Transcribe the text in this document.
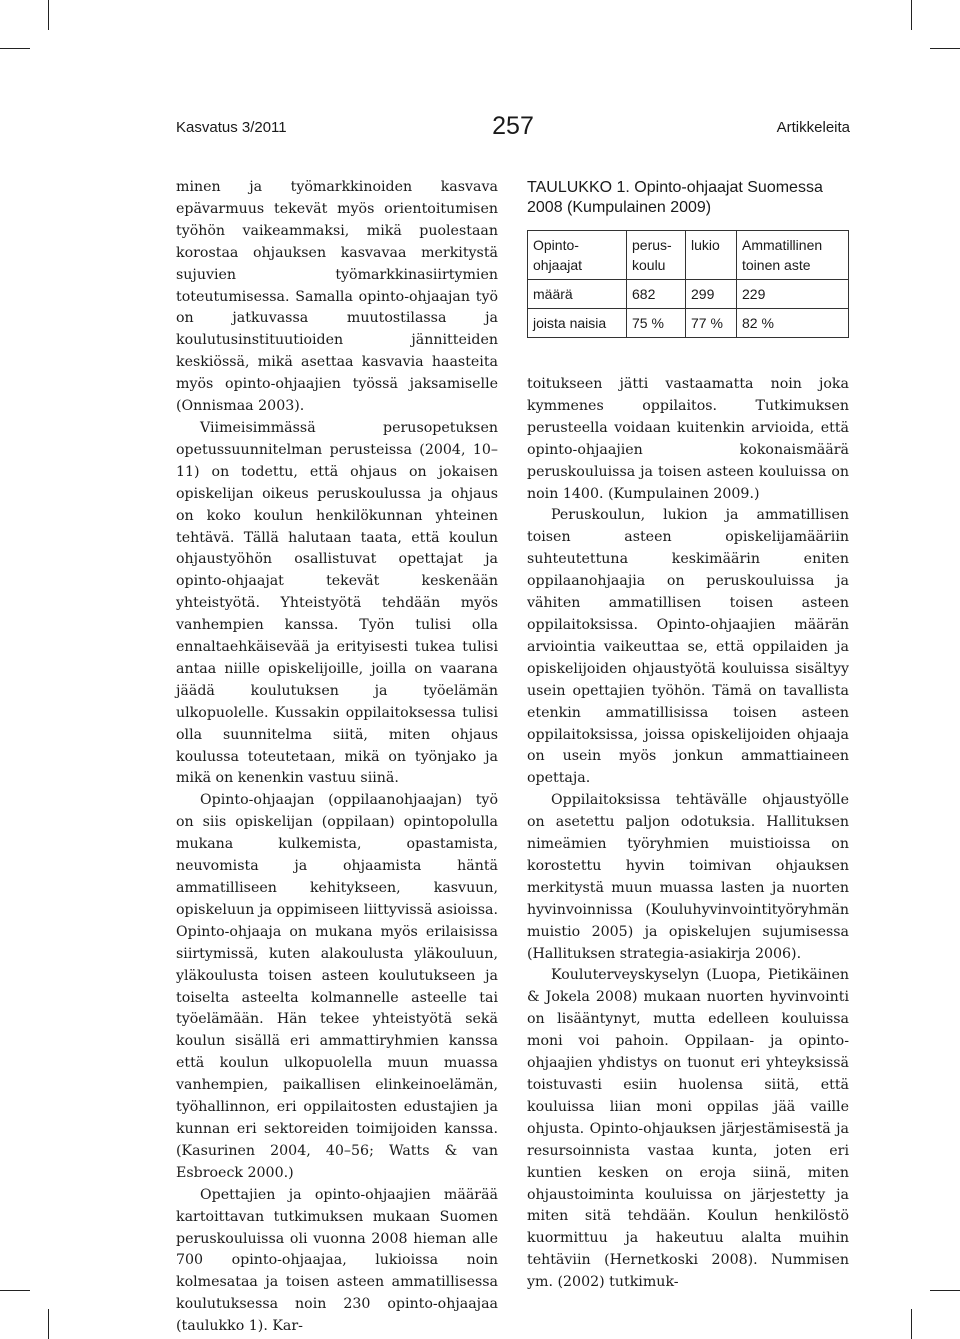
Kasvatus 3/2011	257	Artikkeleita

minen ja työmarkkinoiden kasvava epävarmuus tekevät myös orientoitumisen työhön vaikeammaksi, mikä puolestaan korostaa ohjauksen kasvavaa merkitystä sujuvien työmarkkinasiirtymien toteutumisessa. Samalla opinto-ohjaajan työ on jatkuvassa muutostilassa ja koulutusinstituutioiden jännitteiden keskiössä, mikä asettaa kasvavia haasteita myös opinto-ohjaajien työssä jaksamiselle (Onnismaa 2003).

Viimeisimmässä perusopetuksen opetussuunnitelman perusteissa (2004, 10–11) on todettu, että ohjaus on jokaisen opiskelijan oikeus peruskoulussa ja ohjaus on koko koulun henkilökunnan yhteinen tehtävä. Tällä halutaan taata, että koulun ohjaustyöhön osallistuvat opettajat ja opinto-ohjaajat tekevät keskenään yhteistyötä. Yhteistyötä tehdään myös vanhempien kanssa. Työn tulisi olla ennaltaehkäisevää ja erityisesti tukea tulisi antaa niille opiskelijoille, joilla on vaarana jäädä koulutuksen ja työelämän ulkopuolelle. Kussakin oppilaitoksessa tulisi olla suunnitelma siitä, miten ohjaus koulussa toteutetaan, mikä on työnjako ja mikä on kenenkin vastuu siinä.

Opinto-ohjaajan (oppilaanohjaajan) työ on siis opiskelijan (oppilaan) opintopolulla mukana kulkemista, opastamista, neuvomista ja ohjaamista häntä ammatilliseen kehitykseen, kasvuun, opiskeluun ja oppimiseen liittyvissä asioissa. Opinto-ohjaaja on mukana myös erilaisissa siirtymissä, kuten alakoulusta yläkouluun, yläkoulusta toisen asteen koulutukseen ja toiselta asteelta kolmannelle asteelle tai työelämään. Hän tekee yhteistyötä sekä koulun sisällä eri ammattiryhmien kanssa että koulun ulkopuolella muun muassa vanhempien, paikallisen elinkeinoelämän, työhallinnon, eri oppilaitosten edustajien ja kunnan eri sektoreiden toimijoiden kanssa. (Kasurinen 2004, 40–56; Watts & van Esbroeck 2000.)

Opettajien ja opinto-ohjaajien määrää kartoittavan tutkimuksen mukaan Suomen peruskouluissa oli vuonna 2008 hieman alle 700 opinto-ohjaajaa, lukioissa noin kolmesataa ja toisen asteen ammatillisessa koulutuksessa noin 230 opinto-ohjaajaa (taulukko 1). Kar-

TAULUKKO 1. Opinto-ohjaajat Suomessa 2008 (Kumpulainen 2009)
Opinto-ohjaajat	perus-koulu	lukio	Ammatillinen toinen aste
määrä	682	299	229
joista naisia	75 %	77 %	82 %

toitukseen jätti vastaamatta noin joka kymmenes oppilaitos. Tutkimuksen perusteella voidaan kuitenkin arvioida, että opinto-ohjaajien kokonaismäärä peruskouluissa ja toisen asteen kouluissa on noin 1400. (Kumpulainen 2009.)

Peruskoulun, lukion ja ammatillisen toisen asteen opiskelijamääriin suhteutettuna keskimäärin eniten oppilaanohjaajia on peruskouluissa ja vähiten ammatillisen toisen asteen oppilaitoksissa. Opinto-ohjaajien määrän arviointia vaikeuttaa se, että oppilaiden ja opiskelijoiden ohjaustyötä kouluissa sisältyy usein opettajien työhön. Tämä on tavallista etenkin ammatillisissa toisen asteen oppilaitoksissa, joissa opiskelijoiden ohjaaja on usein myös jonkun ammattiaineen opettaja.

Oppilaitoksissa tehtävälle ohjaustyölle on asetettu paljon odotuksia. Hallituksen nimeämien työryhmien muistioissa on korostettu hyvin toimivan ohjauksen merkitystä muun muassa lasten ja nuorten hyvinvoinnissa (Kouluhyvinvointityöryhmän muistio 2005) ja opiskelujen sujumisessa (Hallituksen strategia-asiakirja 2006).

Kouluterveyskyselyn (Luopa, Pietikäinen & Jokela 2008) mukaan nuorten hyvinvointi on lisääntynyt, mutta edelleen kouluissa moni voi pahoin. Oppilaan- ja opinto-ohjaajien yhdistys on tuonut eri yhteyksissä toistuvasti esiin huolensa siitä, että kouluissa liian moni oppilas jää vaille ohjusta. Opinto-ohjauksen järjestämisestä ja resursoinnista vastaa kunta, joten eri kuntien kesken on eroja siinä, miten ohjaustoiminta kouluissa on järjestetty ja miten sitä tehdään. Koulun henkilöstö kuormittuu ja hakeutuu alalta muihin tehtäviin (Hernetkoski 2008). Nummisen ym. (2002) tutkimuk-
